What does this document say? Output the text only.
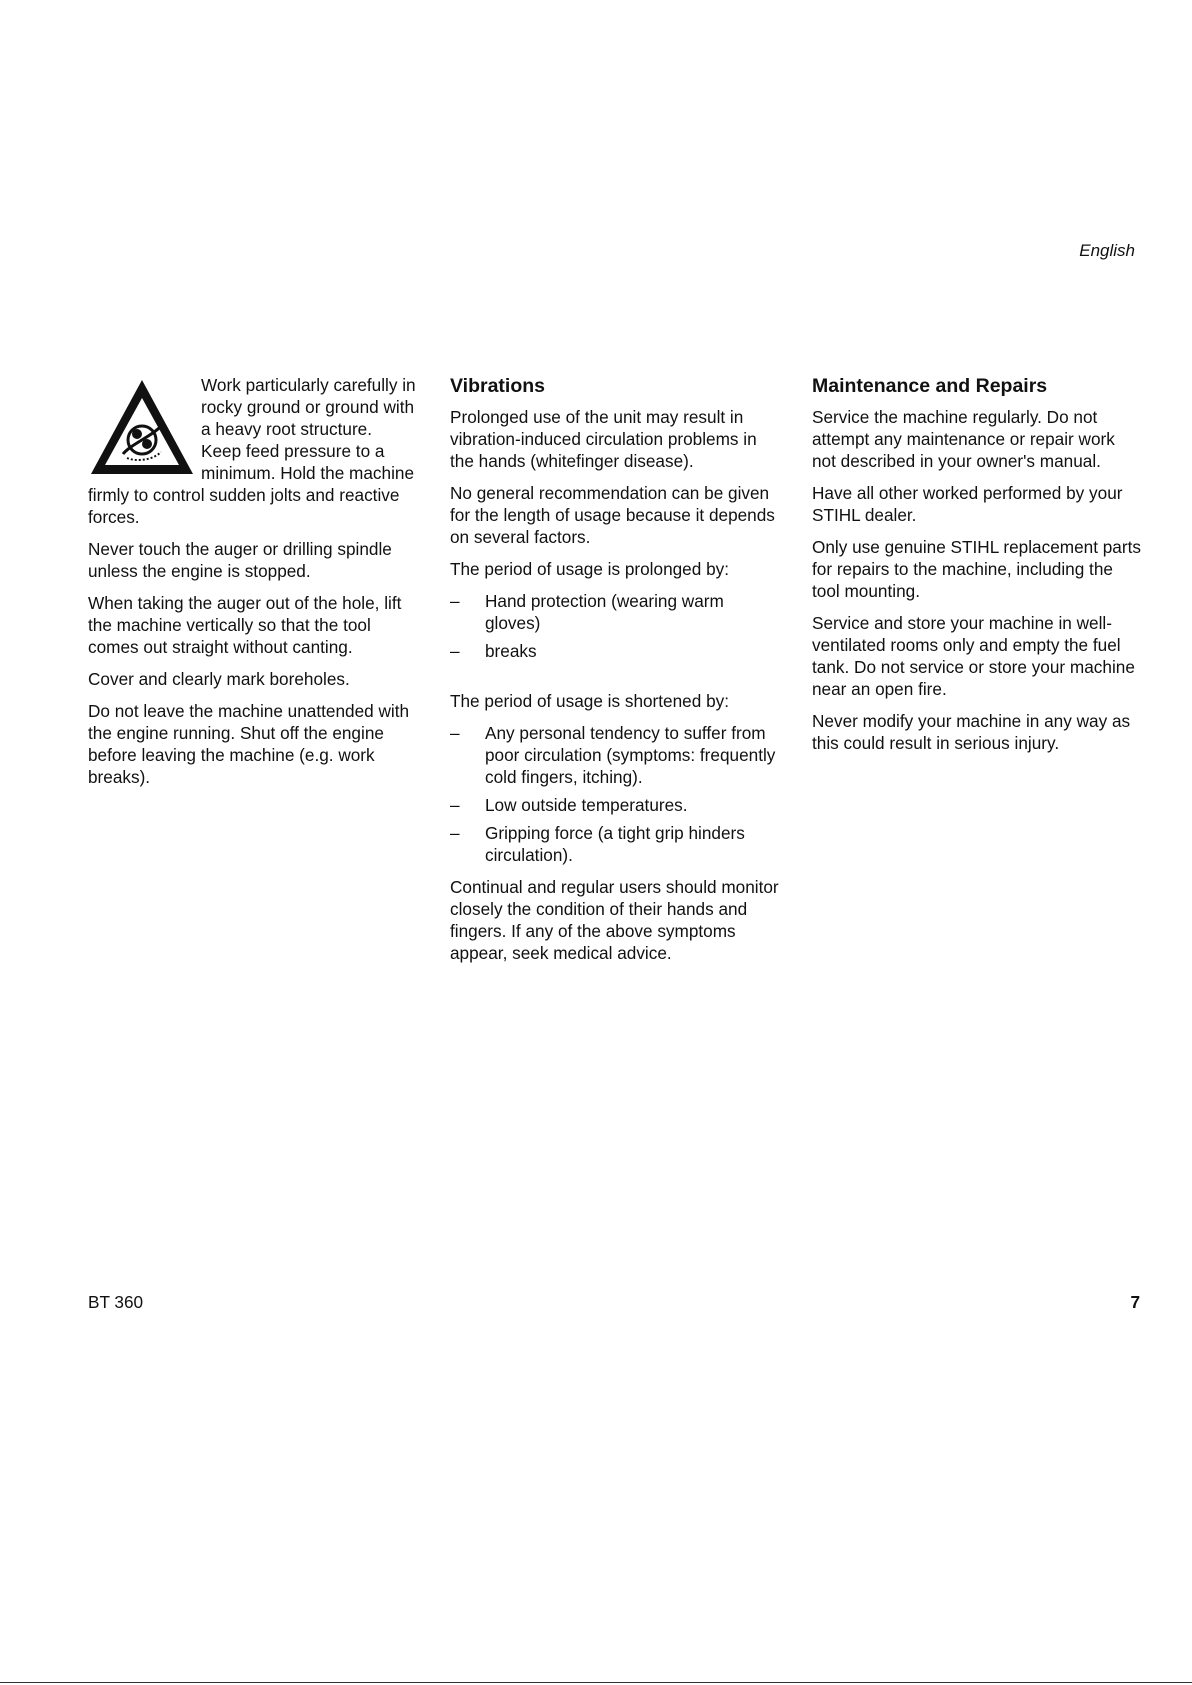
English

Work particularly carefully in rocky ground or ground with a heavy root structure. Keep feed pressure to a minimum. Hold the machine firmly to control sudden jolts and reactive forces.

Never touch the auger or drilling spindle unless the engine is stopped.

When taking the auger out of the hole, lift the machine vertically so that the tool comes out straight without canting.

Cover and clearly mark boreholes.

Do not leave the machine unattended with the engine running. Shut off the engine before leaving the machine (e.g. work breaks).

Vibrations

Prolonged use of the unit may result in vibration-induced circulation problems in the hands (whitefinger disease).

No general recommendation can be given for the length of usage because it depends on several factors.

The period of usage is prolonged by:

– Hand protection (wearing warm gloves)
– breaks

The period of usage is shortened by:

– Any personal tendency to suffer from poor circulation (symptoms: frequently cold fingers, itching).
– Low outside temperatures.
– Gripping force (a tight grip hinders circulation).

Continual and regular users should monitor closely the condition of their hands and fingers. If any of the above symptoms appear, seek medical advice.

Maintenance and Repairs

Service the machine regularly. Do not attempt any maintenance or repair work not described in your owner's manual.

Have all other worked performed by your STIHL dealer.

Only use genuine STIHL replacement parts for repairs to the machine, including the tool mounting.

Service and store your machine in well-ventilated rooms only and empty the fuel tank. Do not service or store your machine near an open fire.

Never modify your machine in any way as this could result in serious injury.

BT 360	7
